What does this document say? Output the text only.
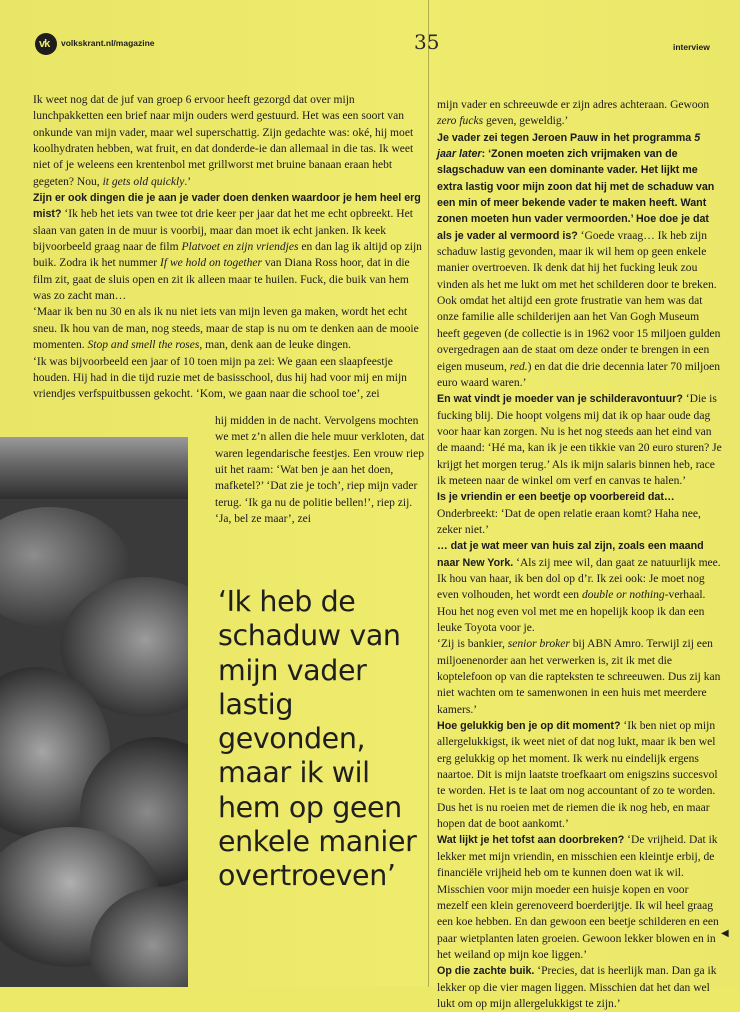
vk volkskrant.nl/magazine	35	interview

Ik weet nog dat de juf van groep 6 ervoor heeft gezorgd dat over mijn lunchpakketten een brief naar mijn ouders werd gestuurd. Het was een soort van onkunde van mijn vader, maar wel superschattig. Zijn gedachte was: oké, hij moet koolhydraten hebben, wat fruit, en dat donderde-ie dan allemaal in die tas. Ik weet niet of je weleens een krentenbol met grillworst met bruine banaan eraan hebt gegeten? Nou, it gets old quickly.’

Zijn er ook dingen die je aan je vader doen denken waardoor je hem heel erg mist? ‘Ik heb het iets van twee tot drie keer per jaar dat het me echt opbreekt. Het slaan van gaten in de muur is voorbij, maar dan moet ik echt janken. Ik keek bijvoorbeeld graag naar de film Platvoet en zijn vriendjes en dan lag ik altijd op zijn buik. Zodra ik het nummer If we hold on together van Diana Ross hoor, dat in die film zit, gaat de sluis open en zit ik alleen maar te huilen. Fuck, die buik van hem was zo zacht man…

‘Maar ik ben nu 30 en als ik nu niet iets van mijn leven ga maken, wordt het echt sneu. Ik hou van de man, nog steeds, maar de stap is nu om te denken aan de mooie momenten. Stop and smell the roses, man, denk aan de leuke dingen.

‘Ik was bijvoorbeeld een jaar of 10 toen mijn pa zei: We gaan een slaapfeestje houden. Hij had in die tijd ruzie met de basisschool, dus hij had voor mij en mijn vriendjes verfspuitbussen gekocht. ‘Kom, we gaan naar die school toe’, zei

hij midden in de nacht. Vervolgens mochten we met z’n allen die hele muur verkloten, dat waren legendarische feestjes. Een vrouw riep uit het raam: ‘Wat ben je aan het doen, mafketel?’ ‘Dat zie je toch’, riep mijn vader terug. ‘Ik ga nu de politie bellen!’, riep zij. ‘Ja, bel ze maar’, zei

‘Ik heb de schaduw van mijn vader lastig gevonden, maar ik wil hem op geen enkele manier overtroeven’

mijn vader en schreeuwde er zijn adres achteraan. Gewoon zero fucks geven, geweldig.’

Je vader zei tegen Jeroen Pauw in het programma 5 jaar later: ‘Zonen moeten zich vrijmaken van de slagschaduw van een dominante vader. Het lijkt me extra lastig voor mijn zoon dat hij met de schaduw van een min of meer bekende vader te maken heeft. Want zonen moeten hun vader vermoorden.’ Hoe doe je dat als je vader al vermoord is? ‘Goede vraag… Ik heb zijn schaduw lastig gevonden, maar ik wil hem op geen enkele manier overtroeven. Ik denk dat hij het fucking leuk zou vinden als het me lukt om met het schilderen door te breken. Ook omdat het altijd een grote frustratie van hem was dat onze familie alle schilderijen aan het Van Gogh Museum heeft gegeven (de collectie is in 1962 voor 15 miljoen gulden overgedragen aan de staat om deze onder te brengen in een eigen museum, red.) en dat die drie decennia later 70 miljoen euro waard waren.’

En wat vindt je moeder van je schilderavontuur? ‘Die is fucking blij. Die hoopt volgens mij dat ik op haar oude dag voor haar kan zorgen. Nu is het nog steeds aan het eind van de maand: ‘Hé ma, kan ik je een tikkie van 20 euro sturen? Je krijgt het morgen terug.’ Als ik mijn salaris binnen heb, race ik meteen naar de winkel om verf en canvas te halen.’

Is je vriendin er een beetje op voorbereid dat…Onderbreekt: ‘Dat de open relatie eraan komt? Haha nee, zeker niet.’

… dat je wat meer van huis zal zijn, zoals een maand naar New York. ‘Als zij mee wil, dan gaat ze natuurlijk mee. Ik hou van haar, ik ben dol op d’r. Ik zei ook: Je moet nog even volhouden, het wordt een double or nothing-verhaal. Hou het nog even vol met me en hopelijk koop ik dan een leuke Toyota voor je.

‘Zij is bankier, senior broker bij ABN Amro. Terwijl zij een miljoenenorder aan het verwerken is, zit ik met die koptelefoon op van die rapteksten te schreeuwen. Dus zij kan niet wachten om te samenwonen in een huis met meerdere kamers.’

Hoe gelukkig ben je op dit moment? ‘Ik ben niet op mijn allergelukkigst, ik weet niet of dat nog lukt, maar ik ben wel erg gelukkig op het moment. Ik werk nu eindelijk ergens naartoe. Dit is mijn laatste troefkaart om enigszins succesvol te worden. Het is te laat om nog accountant of zo te worden. Dus het is nu roeien met de riemen die ik nog heb, en maar hopen dat de boot aankomt.’

Wat lijkt je het tofst aan doorbreken? ‘De vrijheid. Dat ik lekker met mijn vriendin, en misschien een kleintje erbij, de financiële vrijheid heb om te kunnen doen wat ik wil. Misschien voor mijn moeder een huisje kopen en voor mezelf een klein gerenoveerd boerderijtje. Ik wil heel graag een koe hebben. En dan gewoon een beetje schilderen en een paar wietplanten laten groeien. Gewoon lekker blowen en in het weiland op mijn koe liggen.’

Op die zachte buik. ‘Precies, dat is heerlijk man. Dan ga ik lekker op die vier magen liggen. Misschien dat het dan wel lukt om op mijn allergelukkigst te zijn.’

◀
